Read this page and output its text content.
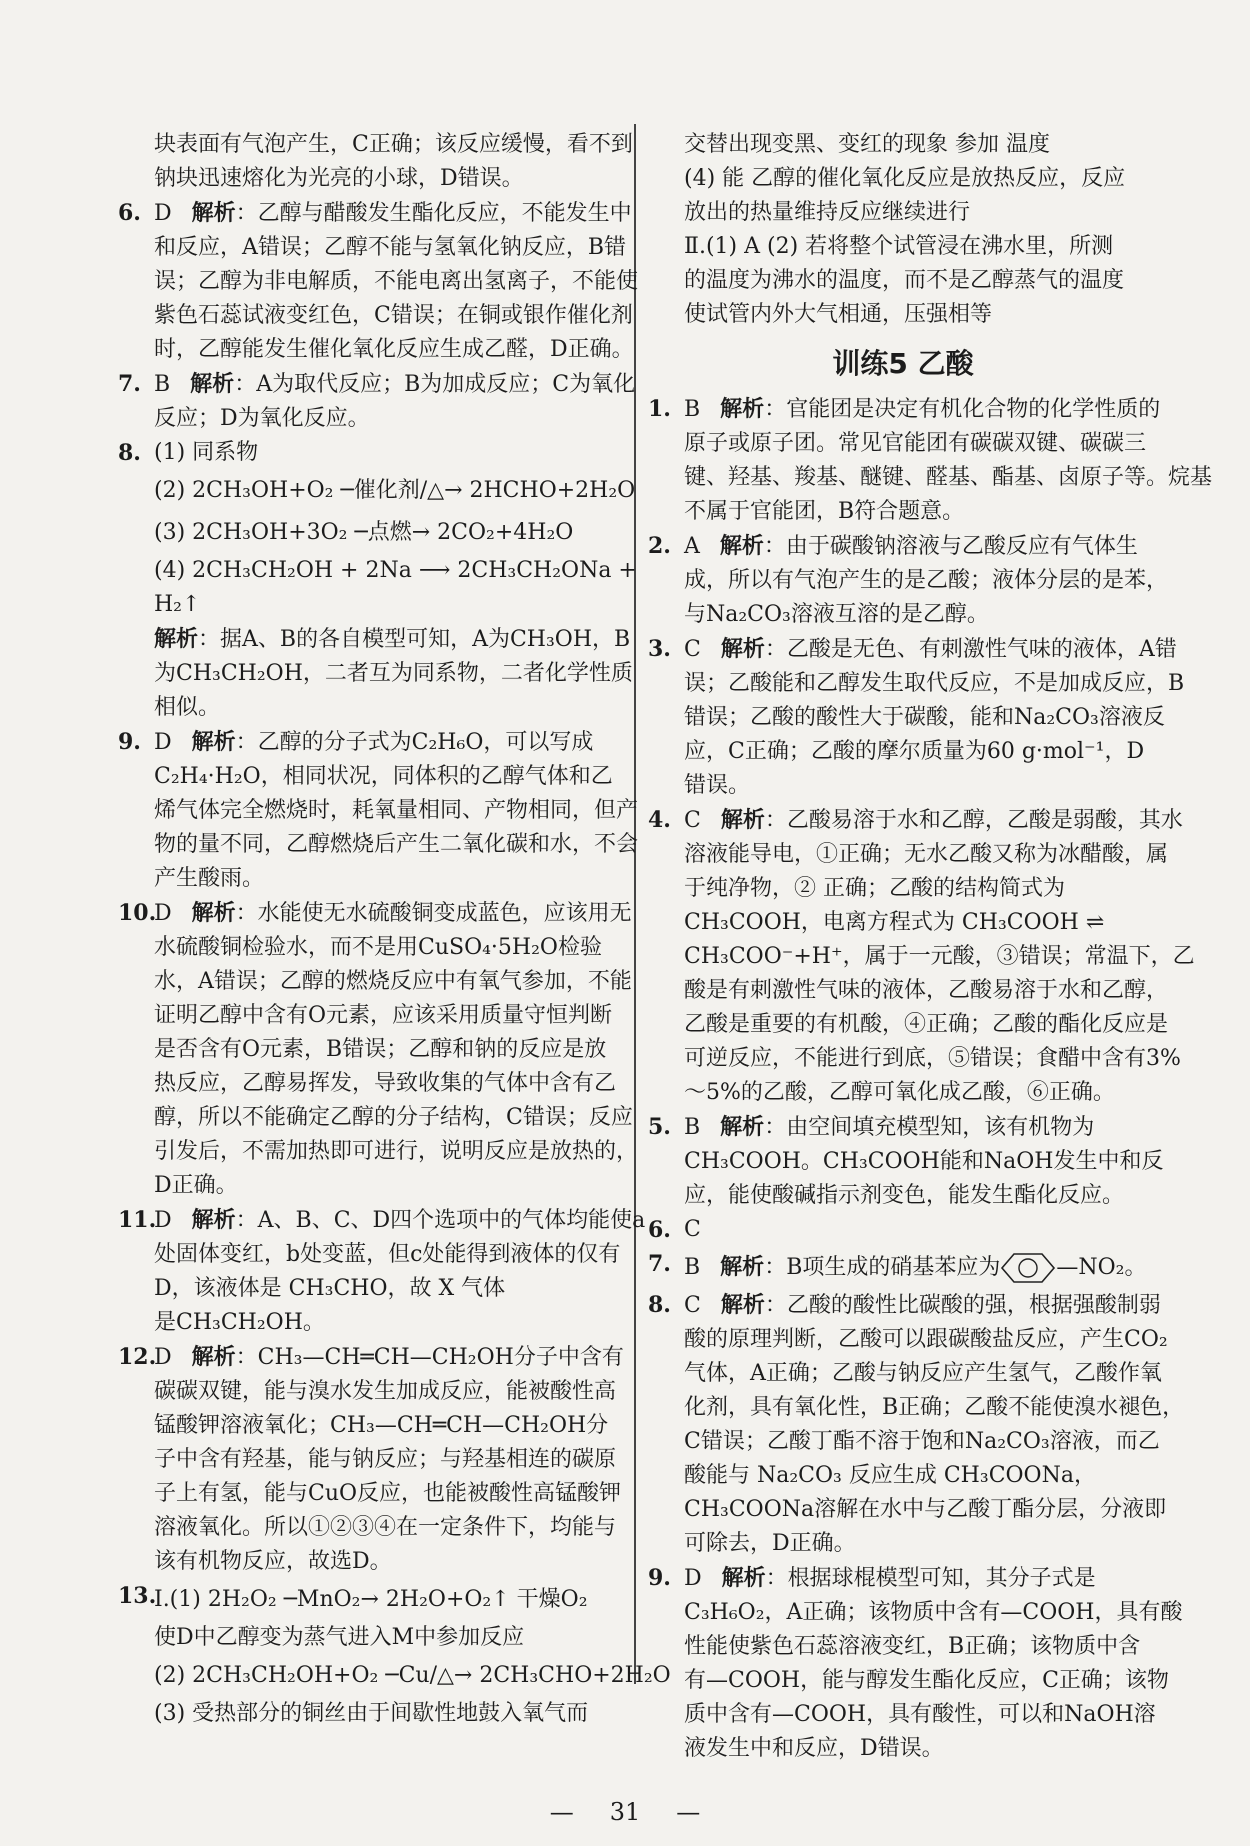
块表面有气泡产生，C正确；该反应缓慢，看不到
钠块迅速熔化为光亮的小球，D错误。
6. D 解析：乙醇与醋酸发生酯化反应，不能发生中
和反应，A错误；乙醇不能与氢氧化钠反应，B错
误；乙醇为非电解质，不能电离出氢离子，不能使
紫色石蕊试液变红色，C错误；在铜或银作催化剂
时，乙醇能发生催化氧化反应生成乙醛，D正确。
7. B 解析：A为取代反应；B为加成反应；C为氧化
反应；D为氧化反应。
8. (1) 同系物
(2) 2CH₃OH+O₂ ─催化剂/△→ 2HCHO+2H₂O
(3) 2CH₃OH+3O₂ ─点燃→ 2CO₂+4H₂O
(4) 2CH₃CH₂OH + 2Na ⟶ 2CH₃CH₂ONa +
H₂↑
解析：据A、B的各自模型可知，A为CH₃OH，B
为CH₃CH₂OH，二者互为同系物，二者化学性质
相似。
9. D 解析：乙醇的分子式为C₂H₆O，可以写成
C₂H₄·H₂O，相同状况，同体积的乙醇气体和乙
烯气体完全燃烧时，耗氧量相同、产物相同，但产
物的量不同，乙醇燃烧后产生二氧化碳和水，不会
产生酸雨。
10.
D 解析：水能使无水硫酸铜变成蓝色，应该用无
水硫酸铜检验水，而不是用CuSO₄·5H₂O检验
水，A错误；乙醇的燃烧反应中有氧气参加，不能
证明乙醇中含有O元素，应该采用质量守恒判断
是否含有O元素，B错误；乙醇和钠的反应是放
热反应，乙醇易挥发，导致收集的气体中含有乙
醇，所以不能确定乙醇的分子结构，C错误；反应
引发后，不需加热即可进行，说明反应是放热的，
D正确。
11.
D 解析：A、B、C、D四个选项中的气体均能使a
处固体变红，b处变蓝，但c处能得到液体的仅有
D，该液体是 CH₃CHO，故 X 气体
是CH₃CH₂OH。
12.
D 解析：CH₃—CH═CH—CH₂OH分子中含有
碳碳双键，能与溴水发生加成反应，能被酸性高
锰酸钾溶液氧化；CH₃—CH═CH—CH₂OH分
子中含有羟基，能与钠反应；与羟基相连的碳原
子上有氢，能与CuO反应，也能被酸性高锰酸钾
溶液氧化。所以①②③④在一定条件下，均能与
该有机物反应，故选D。
13.
Ⅰ.(1) 2H₂O₂ ─MnO₂→ 2H₂O+O₂↑ 干燥O₂
使D中乙醇变为蒸气进入M中参加反应
(2) 2CH₃CH₂OH+O₂ ─Cu/△→ 2CH₃CHO+2H₂O
(3) 受热部分的铜丝由于间歇性地鼓入氧气而
交替出现变黑、变红的现象 参加 温度
(4) 能 乙醇的催化氧化反应是放热反应，反应
放出的热量维持反应继续进行
Ⅱ.(1) A (2) 若将整个试管浸在沸水里，所测
的温度为沸水的温度，而不是乙醇蒸气的温度
使试管内外大气相通，压强相等
训练5 乙酸
1. B 解析：官能团是决定有机化合物的化学性质的
原子或原子团。常见官能团有碳碳双键、碳碳三
键、羟基、羧基、醚键、醛基、酯基、卤原子等。烷基
不属于官能团，B符合题意。
2. A 解析：由于碳酸钠溶液与乙酸反应有气体生
成，所以有气泡产生的是乙酸；液体分层的是苯，
与Na₂CO₃溶液互溶的是乙醇。
3. C 解析：乙酸是无色、有刺激性气味的液体，A错
误；乙酸能和乙醇发生取代反应，不是加成反应，B
错误；乙酸的酸性大于碳酸，能和Na₂CO₃溶液反
应，C正确；乙酸的摩尔质量为60 g·mol⁻¹，D
错误。
4. C 解析：乙酸易溶于水和乙醇，乙酸是弱酸，其水
溶液能导电，①正确；无水乙酸又称为冰醋酸，属
于纯净物，② 正确；乙酸的结构简式为
CH₃COOH，电离方程式为 CH₃COOH ⇌
CH₃COO⁻+H⁺，属于一元酸，③错误；常温下，乙
酸是有刺激性气味的液体，乙酸易溶于水和乙醇，
乙酸是重要的有机酸，④正确；乙酸的酯化反应是
可逆反应，不能进行到底，⑤错误；食醋中含有3%
～5%的乙酸，乙醇可氧化成乙酸，⑥正确。
5. B 解析：由空间填充模型知，该有机物为
CH₃COOH。CH₃COOH能和NaOH发生中和反
应，能使酸碱指示剂变色，能发生酯化反应。
6. C
7. B 解析：B项生成的硝基苯应为	—NO₂。
8. C 解析：乙酸的酸性比碳酸的强，根据强酸制弱
酸的原理判断，乙酸可以跟碳酸盐反应，产生CO₂
气体，A正确；乙酸与钠反应产生氢气，乙酸作氧
化剂，具有氧化性，B正确；乙酸不能使溴水褪色，
C错误；乙酸丁酯不溶于饱和Na₂CO₃溶液，而乙
酸能与 Na₂CO₃ 反应生成 CH₃COONa，
CH₃COONa溶解在水中与乙酸丁酯分层，分液即
可除去，D正确。
9. D 解析：根据球棍模型可知，其分子式是
C₃H₆O₂，A正确；该物质中含有—COOH，具有酸
性能使紫色石蕊溶液变红，B正确；该物质中含
有—COOH，能与醇发生酯化反应，C正确；该物
质中含有—COOH，具有酸性，可以和NaOH溶
液发生中和反应，D错误。
— 31 —
